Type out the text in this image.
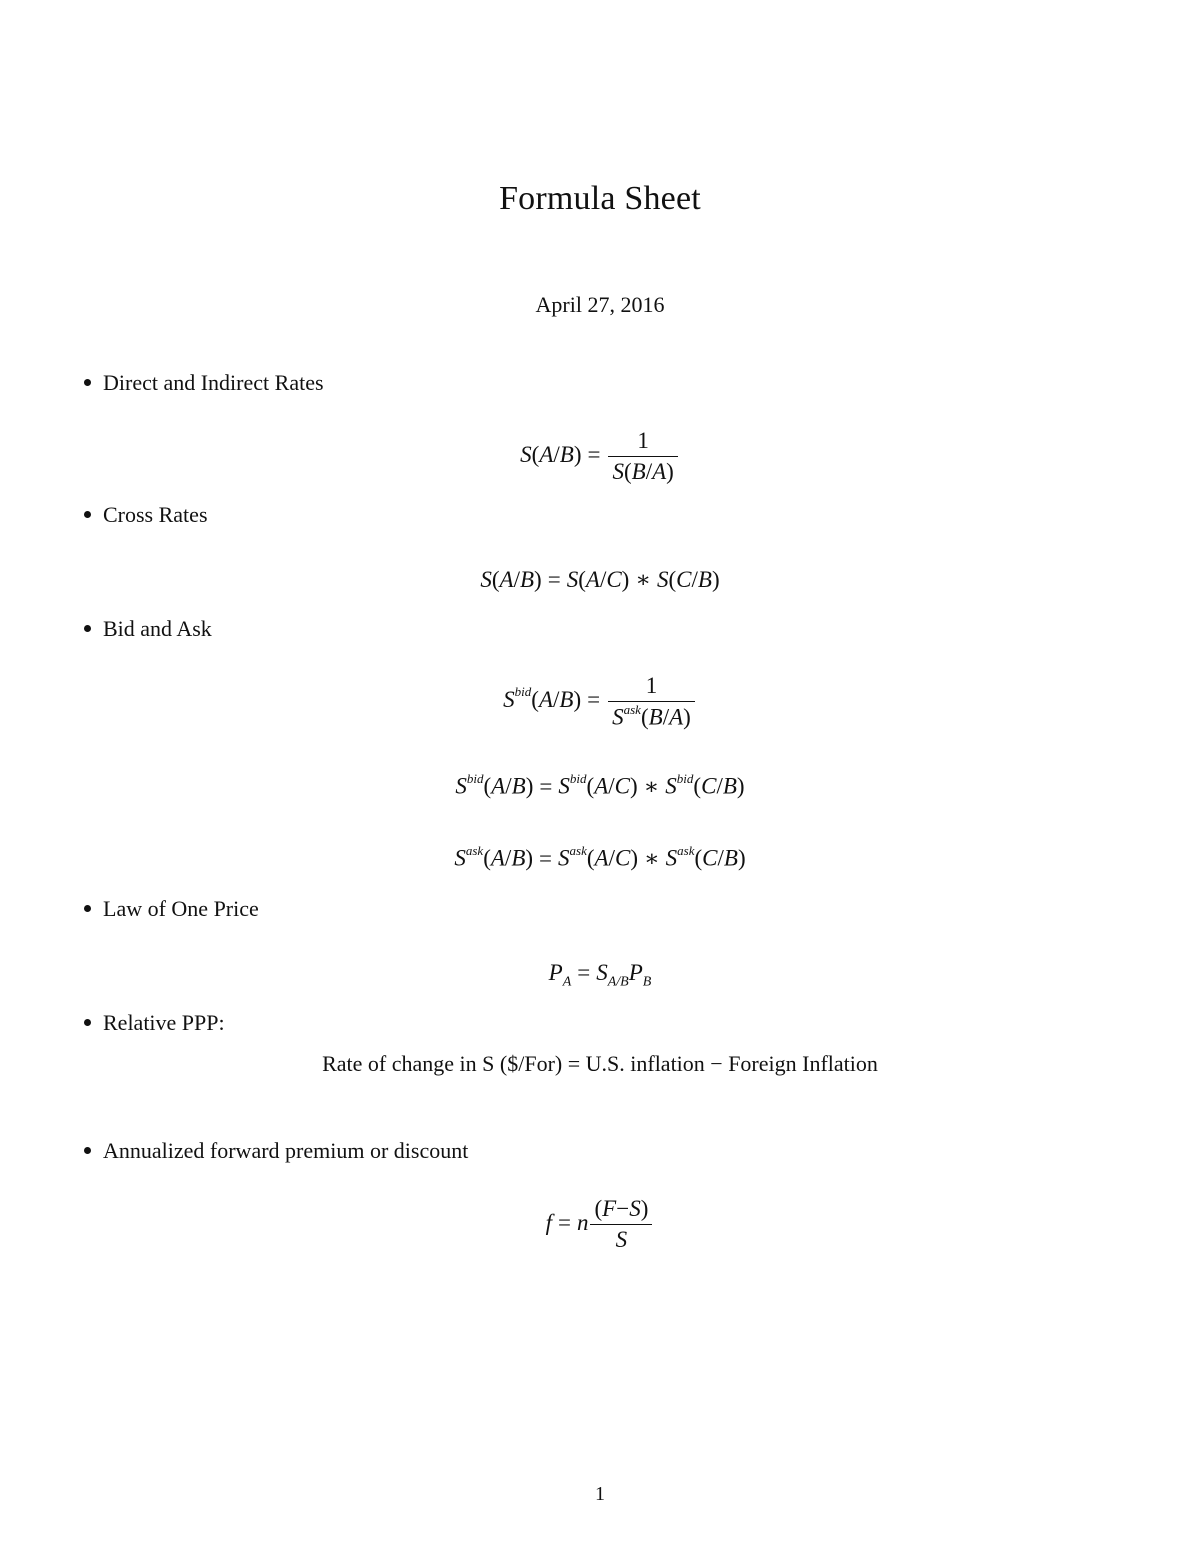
Formula Sheet
April 27, 2016
Direct and Indirect Rates
$S(A/B) = \frac{1}{S(B/A)}$
Cross Rates
S(A/B) = S(A/C) ∗ S(C/B)
Bid and Ask
$S^{bid}(A/B) = \frac{1}{S^{ask}(B/A)}$
$S^{bid}(A/B) = S^{bid}(A/C)$ ∗ $S^{bid}(C/B)$
$S^{ask}(A/B) = S^{ask}(A/C)$ ∗ $S^{ask}(C/B)$
Law of One Price
$P_A = S_{A/B}P_B$
Relative PPP:
Rate of change in S ($/For) = U.S. inflation − Foreign Inflation
Annualized forward premium or discount
f = n $\frac{(F-S)}{S}$
1
